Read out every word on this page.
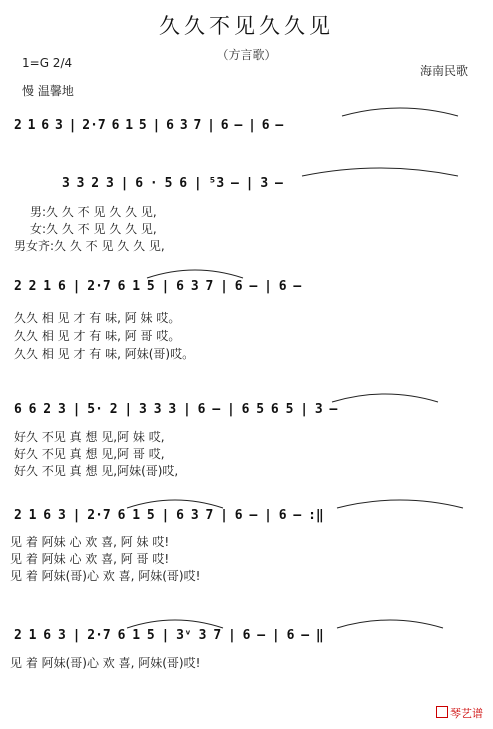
久久不见久久见
（方言歌）
1=G 2/4
慢 温馨地
海南民歌
2 1 6 3 | 2·7 6 1 5 | 6 3 7 | 6 — | 6 —
3 3 2 3 | 6 · 5 6 | ⁵3 — | 3 —
男:久 久 不 见 久 久 见,
女:久 久 不 见 久 久 见,
男女齐:久 久 不 见 久 久 见,
2 2 1 6 | 2·7 6 1 5 | 6 3 7 | 6 — | 6 —
久久 相 见 才 有 味, 阿 妹 哎。
久久 相 见 才 有 味, 阿 哥 哎。
久久 相 见 才 有 味, 阿妹(哥)哎。
6 6 2 3 | 5· 2 | 3 3 3 | 6 — | 6 5 6 5 | 3 —
好久 不见 真 想 见,阿 妹 哎,
好久 不见 真 想 见,阿 哥 哎,
好久 不见 真 想 见,阿妹(哥)哎,
2 1 6 3 | 2·7 6 1 5 | 6 3 7 | 6 — | 6 — :‖
见 着 阿妹 心 欢 喜, 阿 妹 哎!
见 着 阿妹 心 欢 喜, 阿 哥 哎!
见 着 阿妹(哥)心 欢 喜, 阿妹(哥)哎!
2 1 6 3 | 2·7 6 1 5 | 3ᵛ 3 7 | 6 — | 6 — ‖
见 着 阿妹(哥)心 欢 喜, 阿妹(哥)哎!
琴艺谱
